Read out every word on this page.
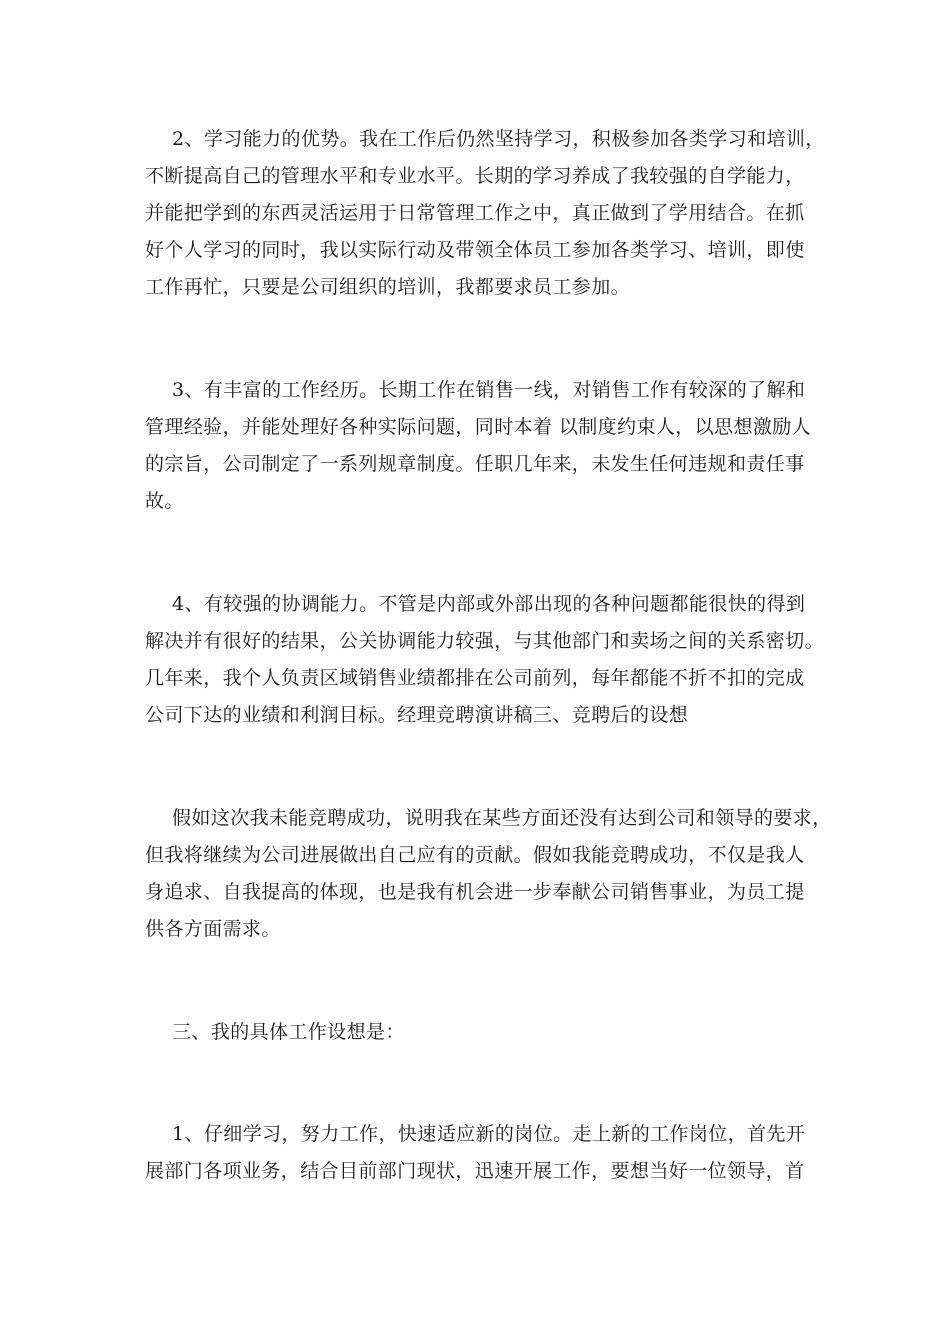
2、学习能力的优势。我在工作后仍然坚持学习，积极参加各类学习和培训，
不断提高自己的管理水平和专业水平。长期的学习养成了我较强的自学能力，
并能把学到的东西灵活运用于日常管理工作之中，真正做到了学用结合。在抓
好个人学习的同时，我以实际行动及带领全体员工参加各类学习、培训，即使
工作再忙，只要是公司组织的培训，我都要求员工参加。
3、有丰富的工作经历。长期工作在销售一线，对销售工作有较深的了解和
管理经验，并能处理好各种实际问题，同时本着 以制度约束人，以思想激励人
的宗旨，公司制定了一系列规章制度。任职几年来，未发生任何违规和责任事
故。
4、有较强的协调能力。不管是内部或外部出现的各种问题都能很快的得到
解决并有很好的结果，公关协调能力较强，与其他部门和卖场之间的关系密切。
几年来，我个人负责区域销售业绩都排在公司前列，每年都能不折不扣的完成
公司下达的业绩和利润目标。经理竞聘演讲稿三、竞聘后的设想
假如这次我未能竞聘成功，说明我在某些方面还没有达到公司和领导的要求，
但我将继续为公司进展做出自己应有的贡献。假如我能竞聘成功，不仅是我人
身追求、自我提高的体现，也是我有机会进一步奉献公司销售事业，为员工提
供各方面需求。
三、我的具体工作设想是：
1、仔细学习，努力工作，快速适应新的岗位。走上新的工作岗位，首先开
展部门各项业务，结合目前部门现状，迅速开展工作，要想当好一位领导，首
